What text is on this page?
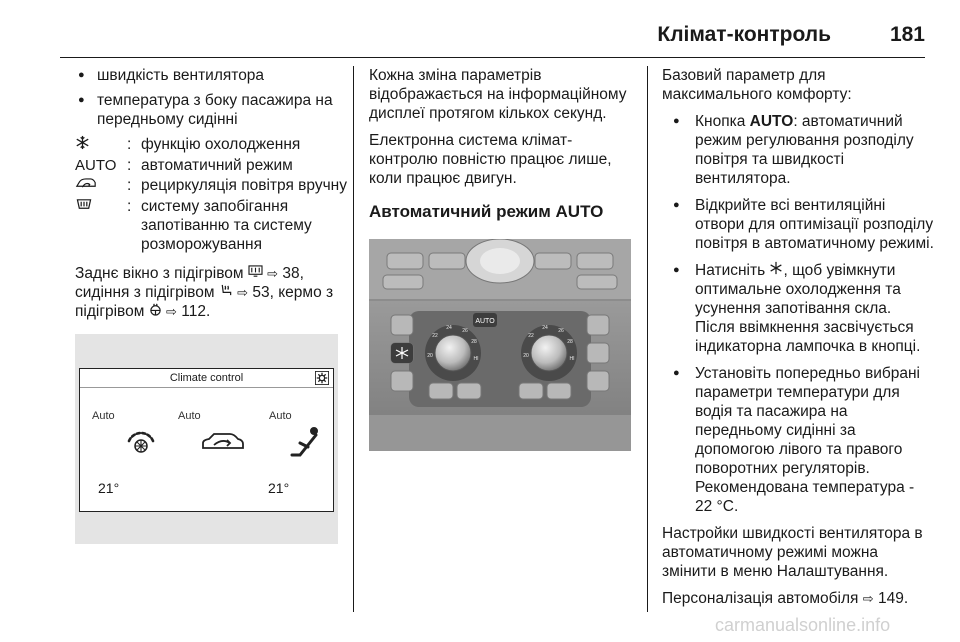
Клімат-контроль	181
● швидкість вентилятора
● температура з боку пасажира на передньому сидінні
: функцію охолодження
AUTO : автоматичний режим
: рециркуляція повітря вручну
: систему запобігання запотіванню та систему розморожування
Заднє вікно з підігрівом ⇨ 38, сидіння з підігрівом ⇨ 53, кермо з підігрівом ⇨ 112.
Climate control
Auto	Auto	Auto
21°	21°
Кожна зміна параметрів відображається на інформаційному дисплеї протягом кількох секунд.
Електронна система клімат-контролю повністю працює лише, коли працює двигун.
Автоматичний режим AUTO
AUTO
20
22
24 26
28
HI	20
22
24 26
28
HI
Базовий параметр для максимального комфорту:
● Кнопка AUTO: автоматичний режим регулювання розподілу повітря та швидкості вентилятора.
● Відкрийте всі вентиляційні отвори для оптимізації розподілу повітря в автоматичному режимі.
● Натисніть , щоб увімкнути оптимальне охолодження та усунення запотівання скла. Після ввімкнення засвічується індикаторна лампочка в кнопці.
● Установіть попередньо вибрані параметри температури для водія та пасажира на передньому сидінні за допомогою лівого та правого поворотних регуляторів. Рекомендована температура - 22 °C.
Настройки швидкості вентилятора в автоматичному режимі можна змінити в меню Налаштування.
Персоналізація автомобіля ⇨ 149.
carmanualsonline.info
